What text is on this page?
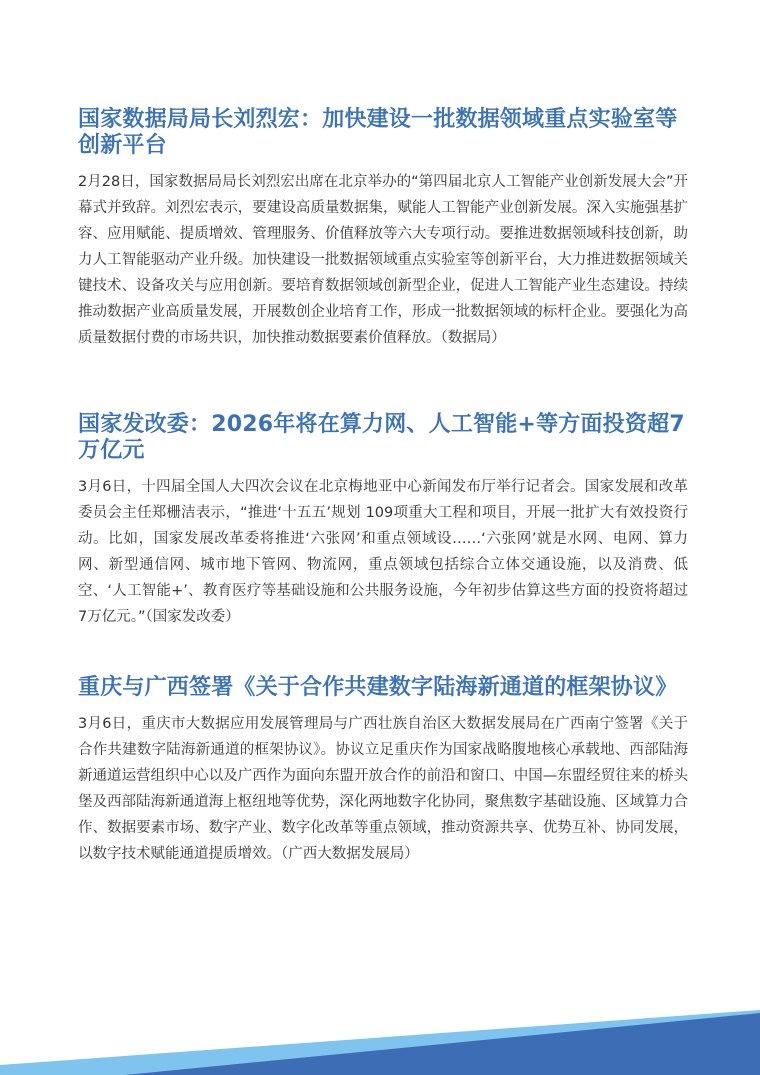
国家数据局局长刘烈宏：加快建设一批数据领域重点实验室等创新平台

2月28日，国家数据局局长刘烈宏出席在北京举办的“第四届北京人工智能产业创新发展大会”开幕式并致辞。刘烈宏表示，要建设高质量数据集，赋能人工智能产业创新发展。深入实施强基扩容、应用赋能、提质增效、管理服务、价值释放等六大专项行动。要推进数据领域科技创新，助力人工智能驱动产业升级。加快建设一批数据领域重点实验室等创新平台，大力推进数据领域关键技术、设备攻关与应用创新。要培育数据领域创新型企业，促进人工智能产业生态建设。持续推动数据产业高质量发展，开展数创企业培育工作，形成一批数据领域的标杆企业。要强化为高质量数据付费的市场共识，加快推动数据要素价值释放。（数据局）

国家发改委：2026年将在算力网、人工智能+等方面投资超7万亿元

3月6日，十四届全国人大四次会议在北京梅地亚中心新闻发布厅举行记者会。国家发展和改革委员会主任郑栅洁表示，“推进‘十五五’规划 109项重大工程和项目，开展一批扩大有效投资行动。比如，国家发展改革委将推进‘六张网’和重点领域设……‘六张网’就是水网、电网、算力网、新型通信网、城市地下管网、物流网，重点领域包括综合立体交通设施，以及消费、低空、‘人工智能+’、教育医疗等基础设施和公共服务设施，今年初步估算这些方面的投资将超过7万亿元。”（国家发改委）

重庆与广西签署《关于合作共建数字陆海新通道的框架协议》

3月6日，重庆市大数据应用发展管理局与广西壮族自治区大数据发展局在广西南宁签署《关于合作共建数字陆海新通道的框架协议》。协议立足重庆作为国家战略腹地核心承载地、西部陆海新通道运营组织中心以及广西作为面向东盟开放合作的前沿和窗口、中国—东盟经贸往来的桥头堡及西部陆海新通道海上枢纽地等优势，深化两地数字化协同，聚焦数字基础设施、区域算力合作、数据要素市场、数字产业、数字化改革等重点领域，推动资源共享、优势互补、协同发展，以数字技术赋能通道提质增效。（广西大数据发展局）
